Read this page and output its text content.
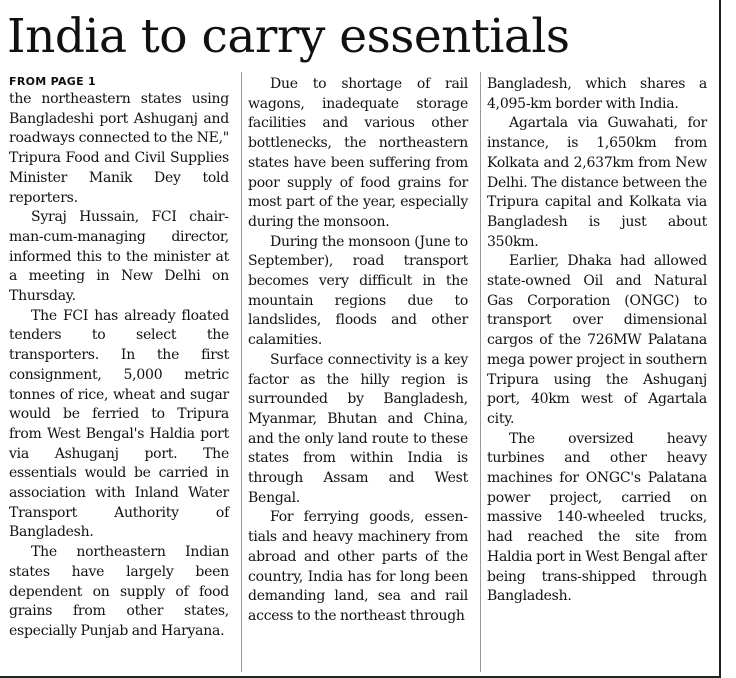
India to carry essentials
FROM PAGE 1

the northeastern states using Bangladeshi port Ashuganj and roadways connected to the NE," Tripura Food and Civil Supplies Minister Manik Dey told reporters.

Syraj Hussain, FCI chairman-cum-managing director, informed this to the minister at a meeting in New Delhi on Thursday.

The FCI has already floated tenders to select the transporters. In the first consignment, 5,000 metric tonnes of rice, wheat and sugar would be ferried to Tripura from West Bengal's Haldia port via Ashuganj port. The essentials would be carried in association with Inland Water Transport Authority of Bangladesh.

The northeastern Indian states have largely been dependent on supply of food grains from other states, especially Punjab and Haryana.

Due to shortage of rail wagons, inadequate storage facilities and various other bottlenecks, the northeastern states have been suffering from poor supply of food grains for most part of the year, especially during the monsoon.

During the monsoon (June to September), road transport becomes very difficult in the mountain regions due to landslides, floods and other calamities.

Surface connectivity is a key factor as the hilly region is surrounded by Bangladesh, Myanmar, Bhutan and China, and the only land route to these states from within India is through Assam and West Bengal.

For ferrying goods, essentials and heavy machinery from abroad and other parts of the country, India has for long been demanding land, sea and rail access to the northeast through

Bangladesh, which shares a 4,095-km border with India.

Agartala via Guwahati, for instance, is 1,650km from Kolkata and 2,637km from New Delhi. The distance between the Tripura capital and Kolkata via Bangladesh is just about 350km.

Earlier, Dhaka had allowed state-owned Oil and Natural Gas Corporation (ONGC) to transport over dimensional cargos of the 726MW Palatana mega power project in southern Tripura using the Ashuganj port, 40km west of Agartala city.

The oversized heavy turbines and other heavy machines for ONGC's Palatana power project, carried on massive 140-wheeled trucks, had reached the site from Haldia port in West Bengal after being trans-shipped through Bangladesh.
